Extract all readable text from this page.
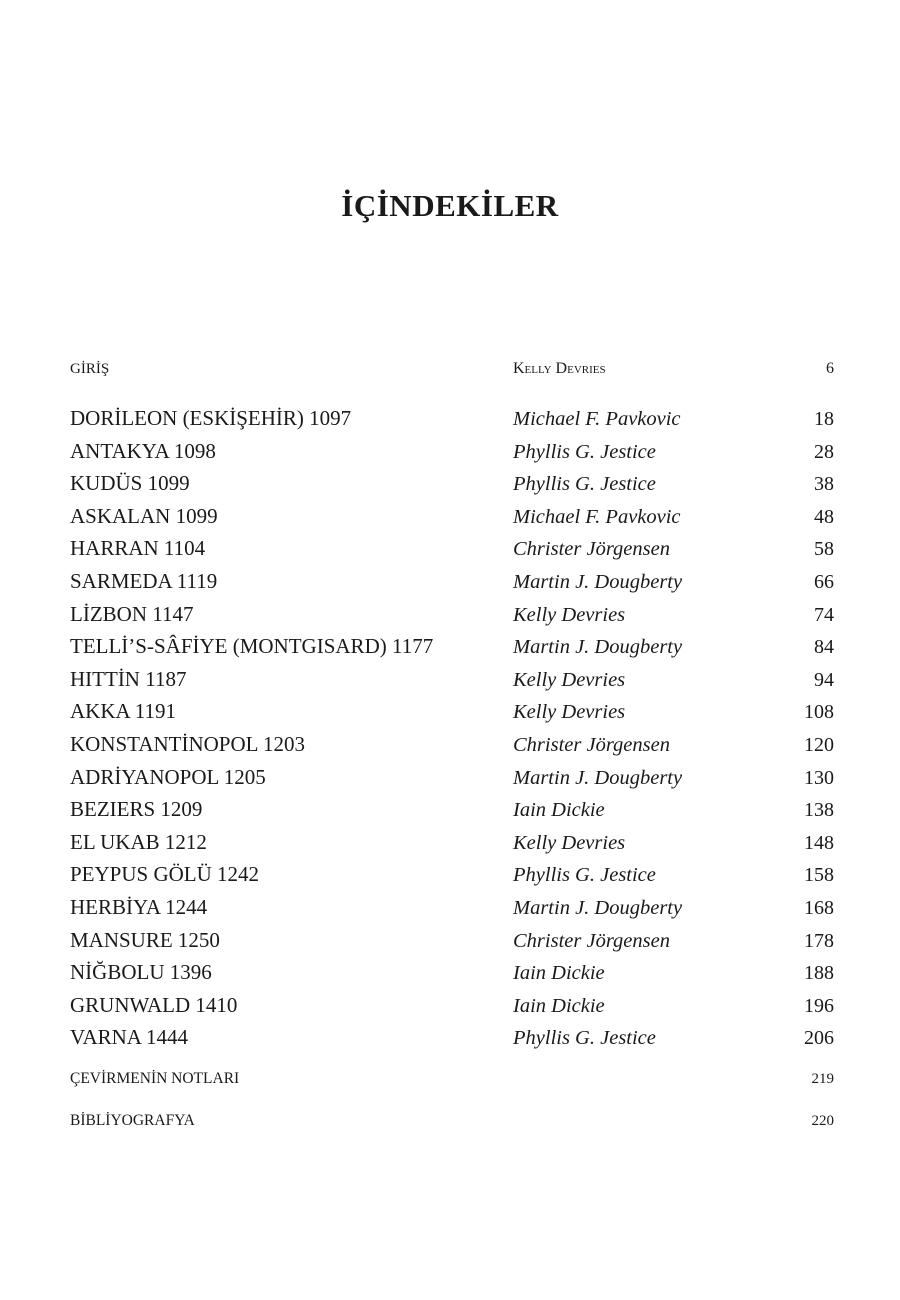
İÇİNDEKİLER
GİRİŞ	Kelly Devries	6
DORİLEON (ESKİŞEHİR) 1097	Michael F. Pavkovic	18
ANTAKYA 1098	Phyllis G. Jestice	28
KUDÜS 1099	Phyllis G. Jestice	38
ASKALAN 1099	Michael F. Pavkovic	48
HARRAN 1104	Christer Jörgensen	58
SARMEDA 1119	Martin J. Dougberty	66
LİZBON 1147	Kelly Devries	74
TELLİ’S-SÂFİYE (MONTGISARD) 1177	Martin J. Dougberty	84
HITTİN 1187	Kelly Devries	94
AKKA 1191	Kelly Devries	108
KONSTANTİNOPOL 1203	Christer Jörgensen	120
ADRİYANOPOL 1205	Martin J. Dougberty	130
BEZIERS 1209	Iain Dickie	138
EL UKAB 1212	Kelly Devries	148
PEYPUS GÖLÜ 1242	Phyllis G. Jestice	158
HERBİYA 1244	Martin J. Dougberty	168
MANSURE 1250	Christer Jörgensen	178
NİĞBOLU 1396	Iain Dickie	188
GRUNWALD 1410	Iain Dickie	196
VARNA 1444	Phyllis G. Jestice	206
ÇEVİRMENİN NOTLARI	219
BİBLİYOGRAFYA	220
